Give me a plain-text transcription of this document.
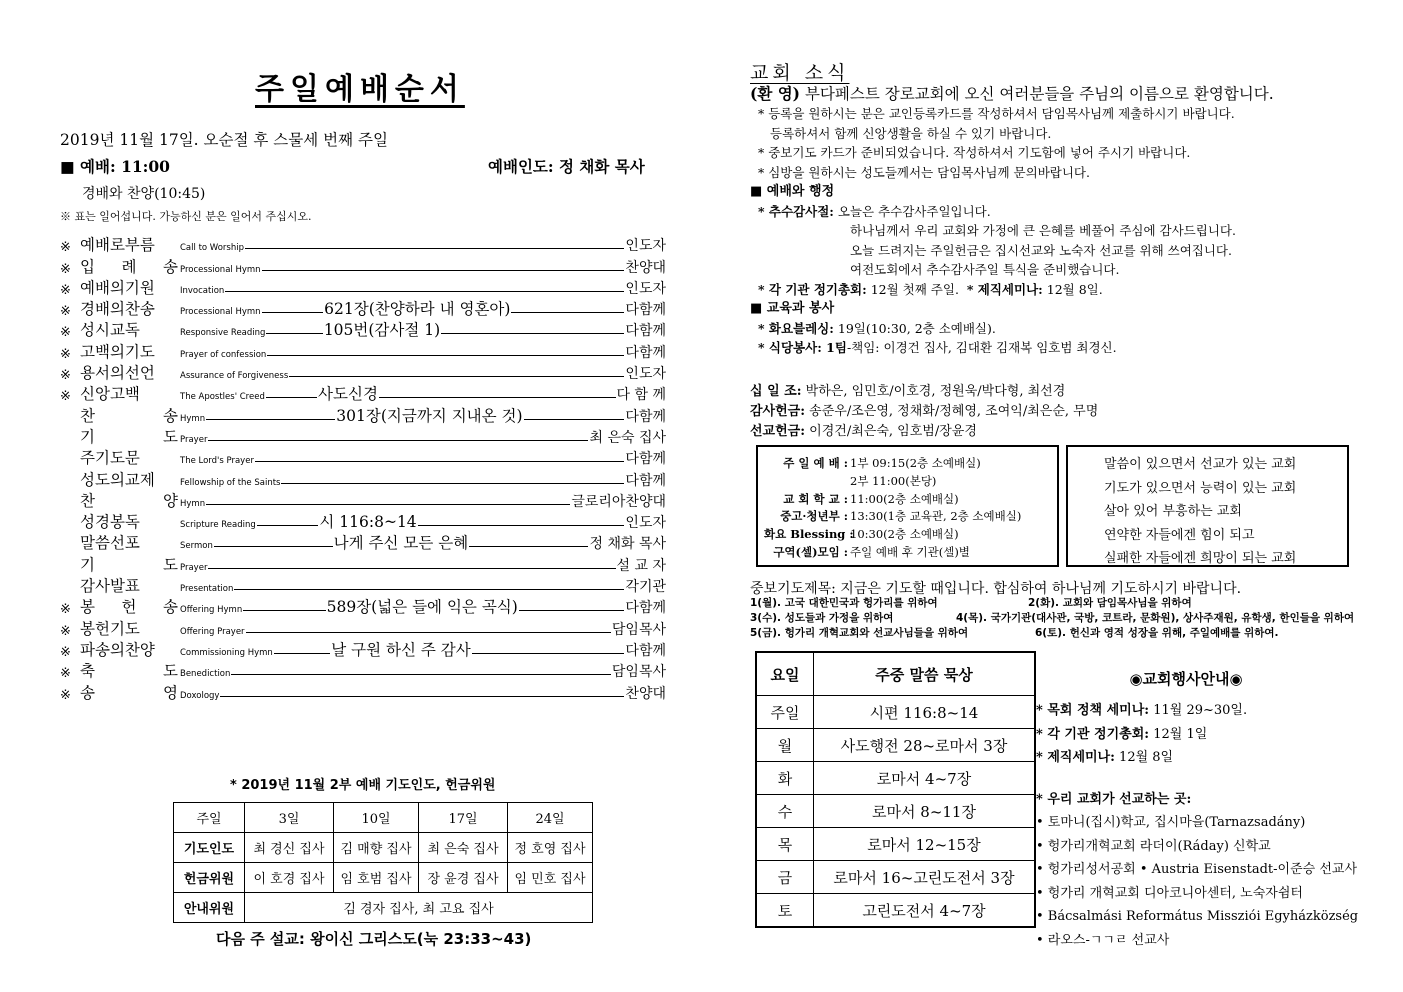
주일예배순서
2019년 11월 17일. 오순절 후 스물세 번째 주일
■ 예배: 11:00	예배인도: 정 채화 목사
경배와 찬양(10:45)
※ 표는 일어섭니다. 가능하신 분은 일어서 주십시오.
※ 예배로부름	Call to Worship	인도자
※ 입 례 송 Processional Hymn	찬양대
※ 예배의기원	Invocation	인도자
※ 경배의찬송	Processional Hymn	621장(찬양하라 내 영혼아)	다함께
※ 성시교독	Responsive Reading	105번(감사절 1)	다함께
※ 고백의기도	Prayer of confession	다함께
※ 용서의선언	Assurance of Forgiveness	인도자
※ 신앙고백	The Apostles' Creed	사도신경	다 함 께
찬 송 Hymn	301장(지금까지 지내온 것)	다함께
기 도 Prayer	최 은숙 집사
주기도문	The Lord's Prayer	다함께
성도의교제	Fellowship of the Saints	다함께
찬 양 Hymn	글로리아찬양대
성경봉독	Scripture Reading	시 116:8~14	인도자
말씀선포	Sermon	나게 주신 모든 은혜	정 채화 목사
기 도 Prayer	설 교 자
감사발표	Presentation	각기관
※ 봉 헌 송 Offering Hymn	589장(넓은 들에 익은 곡식)	다함께
※ 봉헌기도	Offering Prayer	담임목사
※ 파송의찬양	Commissioning Hymn	날 구원 하신 주 감사	다함께
※ 축 도 Benediction	담임목사
※ 송 영 Doxology	찬양대
* 2019년 11월 2부 예배 기도인도, 헌금위원
주일	3일	10일	17일	24일
기도인도	최 경신 집사	김 매향 집사	최 은숙 집사	정 호영 집사
헌금위원	이 호경 집사	임 호범 집사	장 윤경 집사	임 민호 집사
안내위원	김 경자 집사, 최 고요 집사			
다음 주 설교: 왕이신 그리스도(눅 23:33~43)
교회 소식
(환 영) 부다페스트 장로교회에 오신 여러분들을 주님의 이름으로 환영합니다.
* 등록을 원하시는 분은 교인등록카드를 작성하셔서 담임목사님께 제출하시기 바랍니다.
등록하셔서 함께 신앙생활을 하실 수 있기 바랍니다.
* 중보기도 카드가 준비되었습니다. 작성하셔서 기도함에 넣어 주시기 바랍니다.
* 심방을 원하시는 성도들께서는 담임목사님께 문의바랍니다.
■ 예배와 행정
* 추수감사절: 오늘은 추수감사주일입니다.
하나님께서 우리 교회와 가정에 큰 은혜를 베풀어 주심에 감사드립니다.
오늘 드려지는 주일헌금은 집시선교와 노숙자 선교를 위해 쓰여집니다.
여전도회에서 추수감사주일 특식을 준비했습니다.
* 각 기관 정기총회: 12월 첫째 주일. * 제직세미나: 12월 8일.
■ 교육과 봉사
* 화요블레싱: 19일(10:30, 2층 소예배실).
* 식당봉사: 1팀-책임: 이경건 집사, 김대환 김재복 임호범 최경신.
십 일 조: 박하은, 임민호/이호경, 정원욱/박다형, 최선경
감사헌금: 송준우/조은영, 정채화/정혜영, 조여익/최은순, 무명
선교헌금: 이경건/최은숙, 임호범/장윤경
주 일 예 배 : 1부 09:15(2층 소예배실)
2부 11:00(본당)
교 회 학 교 : 11:00(2층 소예배실)
중고·청년부 : 13:30(1층 교육관, 2층 소예배실)
화요 Blessing :
10:30(2층 소예배실)
구역(셀)모임 : 주일 예배 후 기관(셀)별
말씀이 있으면서 선교가 있는 교회
기도가 있으면서 능력이 있는 교회
살아 있어 부흥하는 교회
연약한 자들에겐 힘이 되고
실패한 자들에겐 희망이 되는 교회
중보기도제목: 지금은 기도할 때입니다. 합심하여 하나님께 기도하시기 바랍니다.
1(월). 고국 대한민국과 헝가리를 위하여	2(화). 교회와 담임목사님을 위하여
3(수). 성도들과 가정을 위하여	4(목). 국가기관(대사관, 국방, 코트라, 문화원), 상사주재원, 유학생, 한인들을 위하여
5(금). 헝가리 개혁교회와 선교사님들을 위하여	6(토). 헌신과 영적 성장을 위해, 주일예배를 위하여.
요일	주중 말씀 묵상
주일	시편 116:8~14
월	사도행전 28~로마서 3장
화	로마서 4~7장
수	로마서 8~11장
목	로마서 12~15장
금	로마서 16~고린도전서 3장
토	고린도전서 4~7장
◉교회행사안내◉
* 목회 정책 세미나: 11월 29~30일.
* 각 기관 정기총회: 12월 1일
* 제직세미나: 12월 8일
* 우리 교회가 선교하는 곳:
• 토마니(집시)학교, 집시마을(Tarnazsadány)
• 헝가리개혁교회 라더이(Ráday) 신학교
• 헝가리성서공회 • Austria Eisenstadt-이준승 선교사
• 헝가리 개혁교회 디아코니아센터, 노숙자쉼터
• Bácsalmási Református Missziói Egyházközség
• 라오스-ㄱㄱㄹ 선교사
